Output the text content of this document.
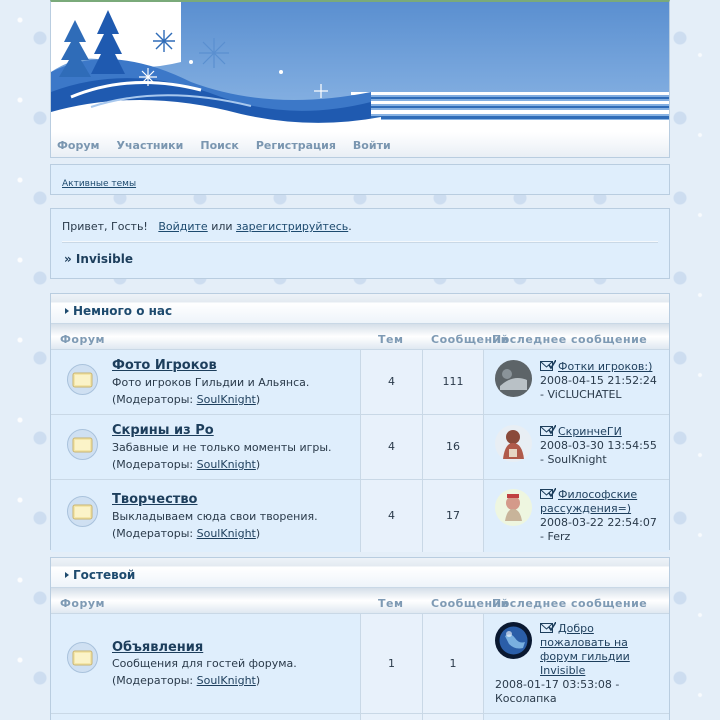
Форум Участники Поиск Регистрация Войти
Активные темы
Привет, Гость! Войдите или зарегистрируйтесь.
» Invisible
Немного о нас
Форум	Тем	Сообщений
Последнее сообщение
Фото Игроков
Фото игроков Гильдии и Альянса.
(Модераторы: SoulKnight)
4	111
Фотки игроков:)
2008-04-15 21:52:24
- ViCLUCHATEL
Скрины из Ро
Забавные и не только моменты игры.
(Модераторы: SoulKnight)
4	16
СкринчеГИ
2008-03-30 13:54:55
- SoulKnight
Творчество
Выкладываем сюда свои творения.
(Модераторы: SoulKnight)
4	17
Философские
рассуждения=)
2008-03-22 22:54:07
- Ferz
Гостевой
Форум	Тем	Сообщений
Последнее сообщение
Объявления
Сообщения для гостей форума.
(Модераторы: SoulKnight)
1	1
Добро
пожаловать на
форум гильдии
Invisible
2008-01-17 03:53:08 -
Косолапка
